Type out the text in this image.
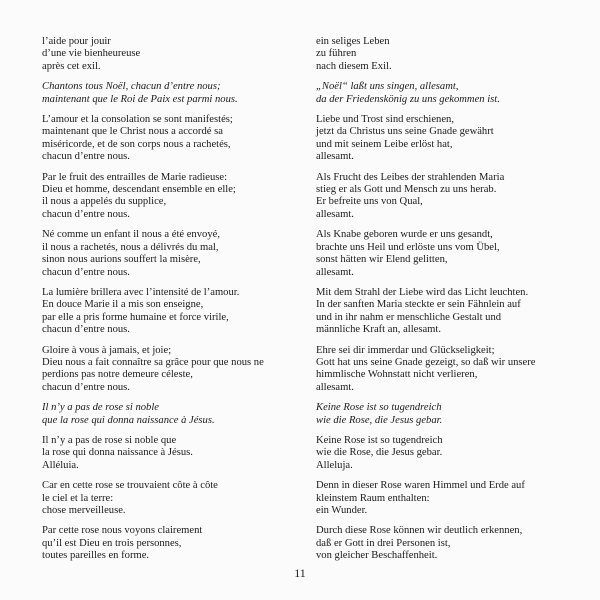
l’aide pour jouir
d’une vie bienheureuse
après cet exil.
Chantons tous Noël, chacun d’entre nous;
maintenant que le Roi de Paix est parmi nous.
L’amour et la consolation se sont manifestés;
maintenant que le Christ nous a accordé sa
miséricorde, et de son corps nous a rachetés,
chacun d’entre nous.
Par le fruit des entrailles de Marie radieuse:
Dieu et homme, descendant ensemble en elle;
il nous a appelés du supplice,
chacun d’entre nous.
Né comme un enfant il nous a été envoyé,
il nous a rachetés, nous a délivrés du mal,
sinon nous aurions souffert la misère,
chacun d’entre nous.
La lumière brillera avec l’intensité de l’amour.
En douce Marie il a mis son enseigne,
par elle a pris forme humaine et force virile,
chacun d’entre nous.
Gloire à vous à jamais, et joie;
Dieu nous a fait connaître sa grâce pour que nous ne
perdions pas notre demeure céleste,
chacun d’entre nous.
Il n’y a pas de rose si noble
que la rose qui donna naissance à Jésus.
Il n’y a pas de rose si noble que
la rose qui donna naissance à Jésus.
Alléluia.
Car en cette rose se trouvaient côte à côte
le ciel et la terre:
chose merveilleuse.
Par cette rose nous voyons clairement
qu’il est Dieu en trois personnes,
toutes pareilles en forme.
ein seliges Leben
zu führen
nach diesem Exil.
„Noël“ laßt uns singen, allesamt,
da der Friedenskönig zu uns gekommen ist.
Liebe und Trost sind erschienen,
jetzt da Christus uns seine Gnade gewährt
und mit seinem Leibe erlöst hat,
allesamt.
Als Frucht des Leibes der strahlenden Maria
stieg er als Gott und Mensch zu uns herab.
Er befreite uns von Qual,
allesamt.
Als Knabe geboren wurde er uns gesandt,
brachte uns Heil und erlöste uns vom Übel,
sonst hätten wir Elend gelitten,
allesamt.
Mit dem Strahl der Liebe wird das Licht leuchten.
In der sanften Maria steckte er sein Fähnlein auf
und in ihr nahm er menschliche Gestalt und
männliche Kraft an, allesamt.
Ehre sei dir immerdar und Glückseligkeit;
Gott hat uns seine Gnade gezeigt, so daß wir unsere
himmlische Wohnstatt nicht verlieren,
allesamt.
Keine Rose ist so tugendreich
wie die Rose, die Jesus gebar.
Keine Rose ist so tugendreich
wie die Rose, die Jesus gebar.
Alleluja.
Denn in dieser Rose waren Himmel und Erde auf
kleinstem Raum enthalten:
ein Wunder.
Durch diese Rose können wir deutlich erkennen,
daß er Gott in drei Personen ist,
von gleicher Beschaffenheit.
11
